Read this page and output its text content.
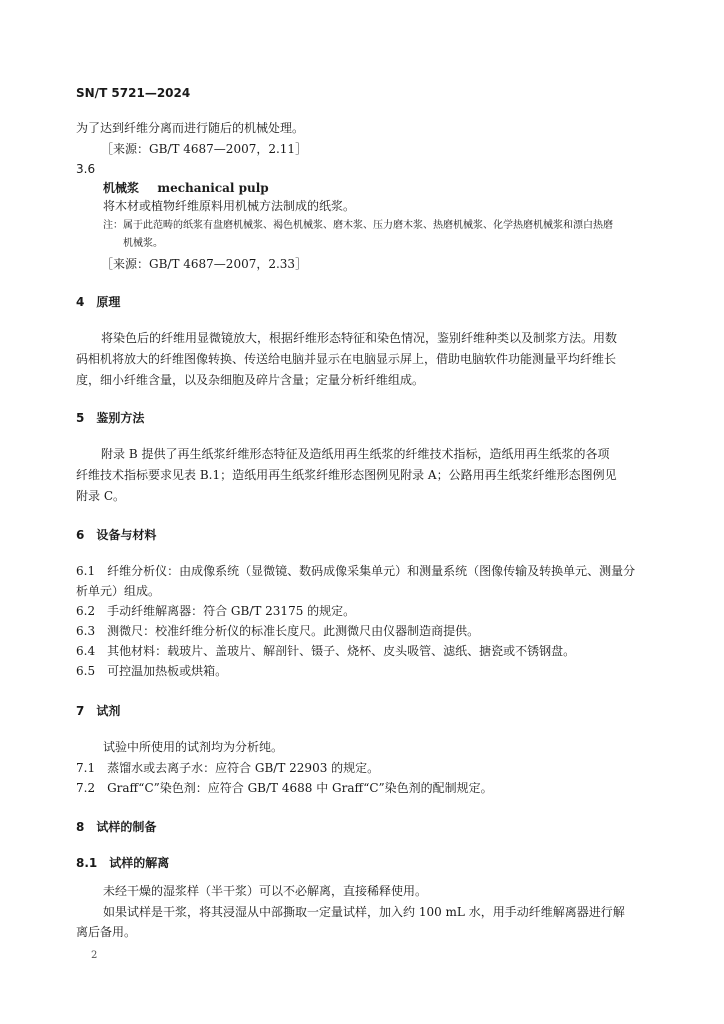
SN/T 5721—2024
为了达到纤维分离而进行随后的机械处理。
［来源：GB/T 4687—2007，2.11］
3.6
机械浆 mechanical pulp
将木材或植物纤维原料用机械方法制成的纸浆。
注：属于此范畴的纸浆有盘磨机械浆、褐色机械浆、磨木浆、压力磨木浆、热磨机械浆、化学热磨机械浆和漂白热磨
机械浆。
［来源：GB/T 4687—2007，2.33］
4　原理
将染色后的纤维用显微镜放大，根据纤维形态特征和染色情况，鉴别纤维种类以及制浆方法。用数
码相机将放大的纤维图像转换、传送给电脑并显示在电脑显示屏上，借助电脑软件功能测量平均纤维长
度，细小纤维含量，以及杂细胞及碎片含量；定量分析纤维组成。
5　鉴别方法
附录 B 提供了再生纸浆纤维形态特征及造纸用再生纸浆的纤维技术指标，造纸用再生纸浆的各项
纤维技术指标要求见表 B.1；造纸用再生纸浆纤维形态图例见附录 A；公路用再生纸浆纤维形态图例见
附录 C。
6　设备与材料
6.1　纤维分析仪：由成像系统（显微镜、数码成像采集单元）和测量系统（图像传输及转换单元、测量分
析单元）组成。
6.2　手动纤维解离器：符合 GB/T 23175 的规定。
6.3　测微尺：校准纤维分析仪的标准长度尺。此测微尺由仪器制造商提供。
6.4　其他材料：载玻片、盖玻片、解剖针、镊子、烧杯、皮头吸管、滤纸、搪瓷或不锈钢盘。
6.5　可控温加热板或烘箱。
7　试剂
试验中所使用的试剂均为分析纯。
7.1　蒸馏水或去离子水：应符合 GB/T 22903 的规定。
7.2　Graff“C”染色剂：应符合 GB/T 4688 中 Graff“C”染色剂的配制规定。
8　试样的制备
8.1　试样的解离
未经干燥的湿浆样（半干浆）可以不必解离，直接稀释使用。
如果试样是干浆，将其浸湿从中部撕取一定量试样，加入约 100 mL 水，用手动纤维解离器进行解
离后备用。
2
